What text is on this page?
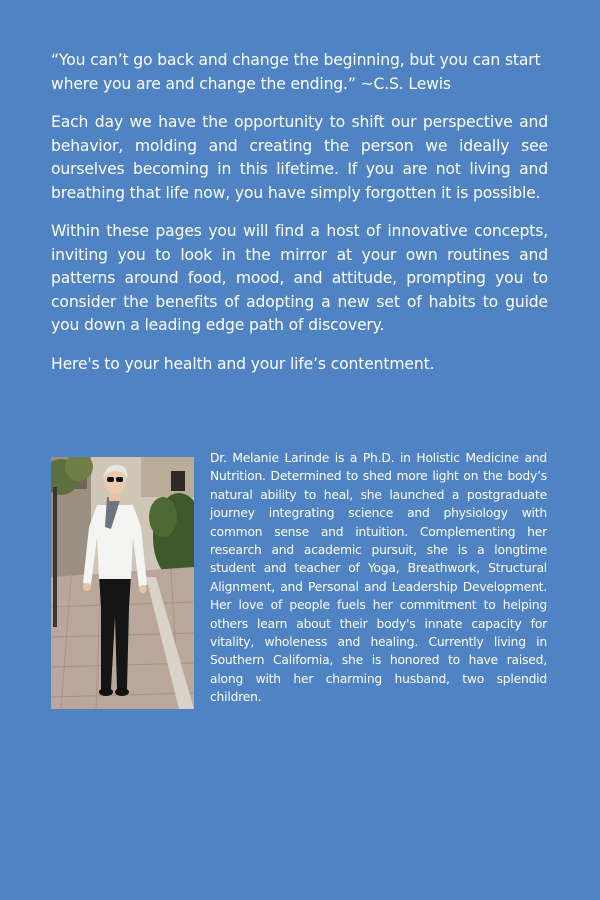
“You can’t go back and change the beginning, but you can start where you are and change the ending.” ~C.S. Lewis

Each day we have the opportunity to shift our perspective and behavior, molding and creating the person we ideally see ourselves becoming in this lifetime. If you are not living and breathing that life now, you have simply forgotten it is possible.

Within these pages you will find a host of innovative concepts, inviting you to look in the mirror at your own routines and patterns around food, mood, and attitude, prompting you to consider the benefits of adopting a new set of habits to guide you down a leading edge path of discovery.

Here's to your health and your life’s contentment.

Dr. Melanie Larinde is a Ph.D. in Holistic Medicine and Nutrition. Determined to shed more light on the body’s natural ability to heal, she launched a postgraduate journey integrating science and physiology with common sense and intuition. Complementing her research and academic pursuit, she is a longtime student and teacher of Yoga, Breathwork, Structural Alignment, and Personal and Leadership Development. Her love of people fuels her commitment to helping others learn about their body's innate capacity for vitality, wholeness and healing. Currently living in Southern California, she is honored to have raised, along with her charming husband, two splendid children.
